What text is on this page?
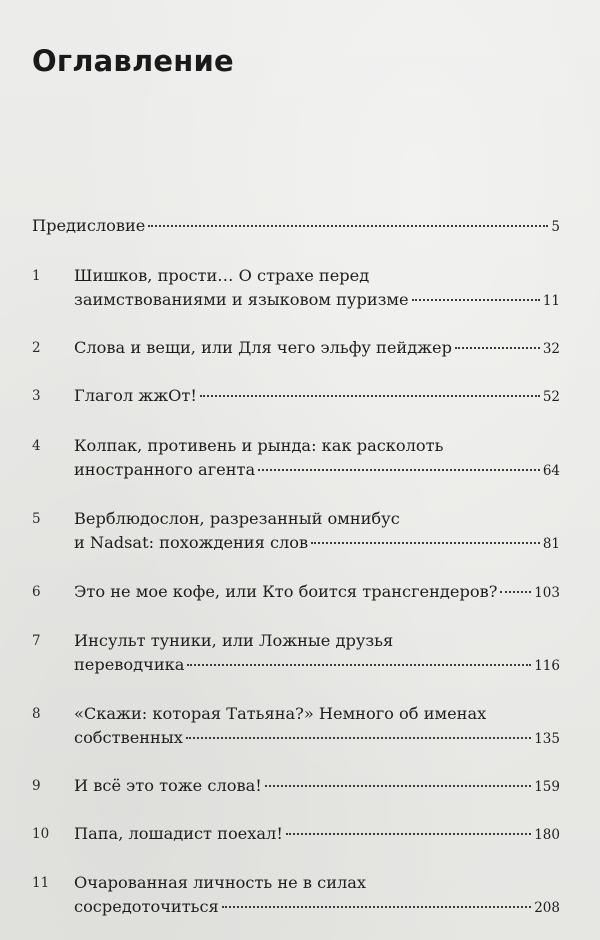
Оглавление
Предисловие	5
1	Шишков, прости… О страхе перед
заимствованиями и языковом пуризме	11
2	Слова и вещи, или Для чего эльфу пейджер	32
3	Глагол жжОт!	52
4	Колпак, противень и рында: как расколоть
иностранного агента	64
5	Верблюдослон, разрезанный омнибус
и Nadsat: похождения слов	81
6	Это не мое кофе, или Кто боится трансгендеров?	103
7	Инсульт туники, или Ложные друзья
переводчика	116
8	«Скажи: которая Татьяна?» Немного об именах
собственных	135
9	И всё это тоже слова!	159
10	Папа, лошадист поехал!	180
11	Очарованная личность не в силах
сосредоточиться	208
